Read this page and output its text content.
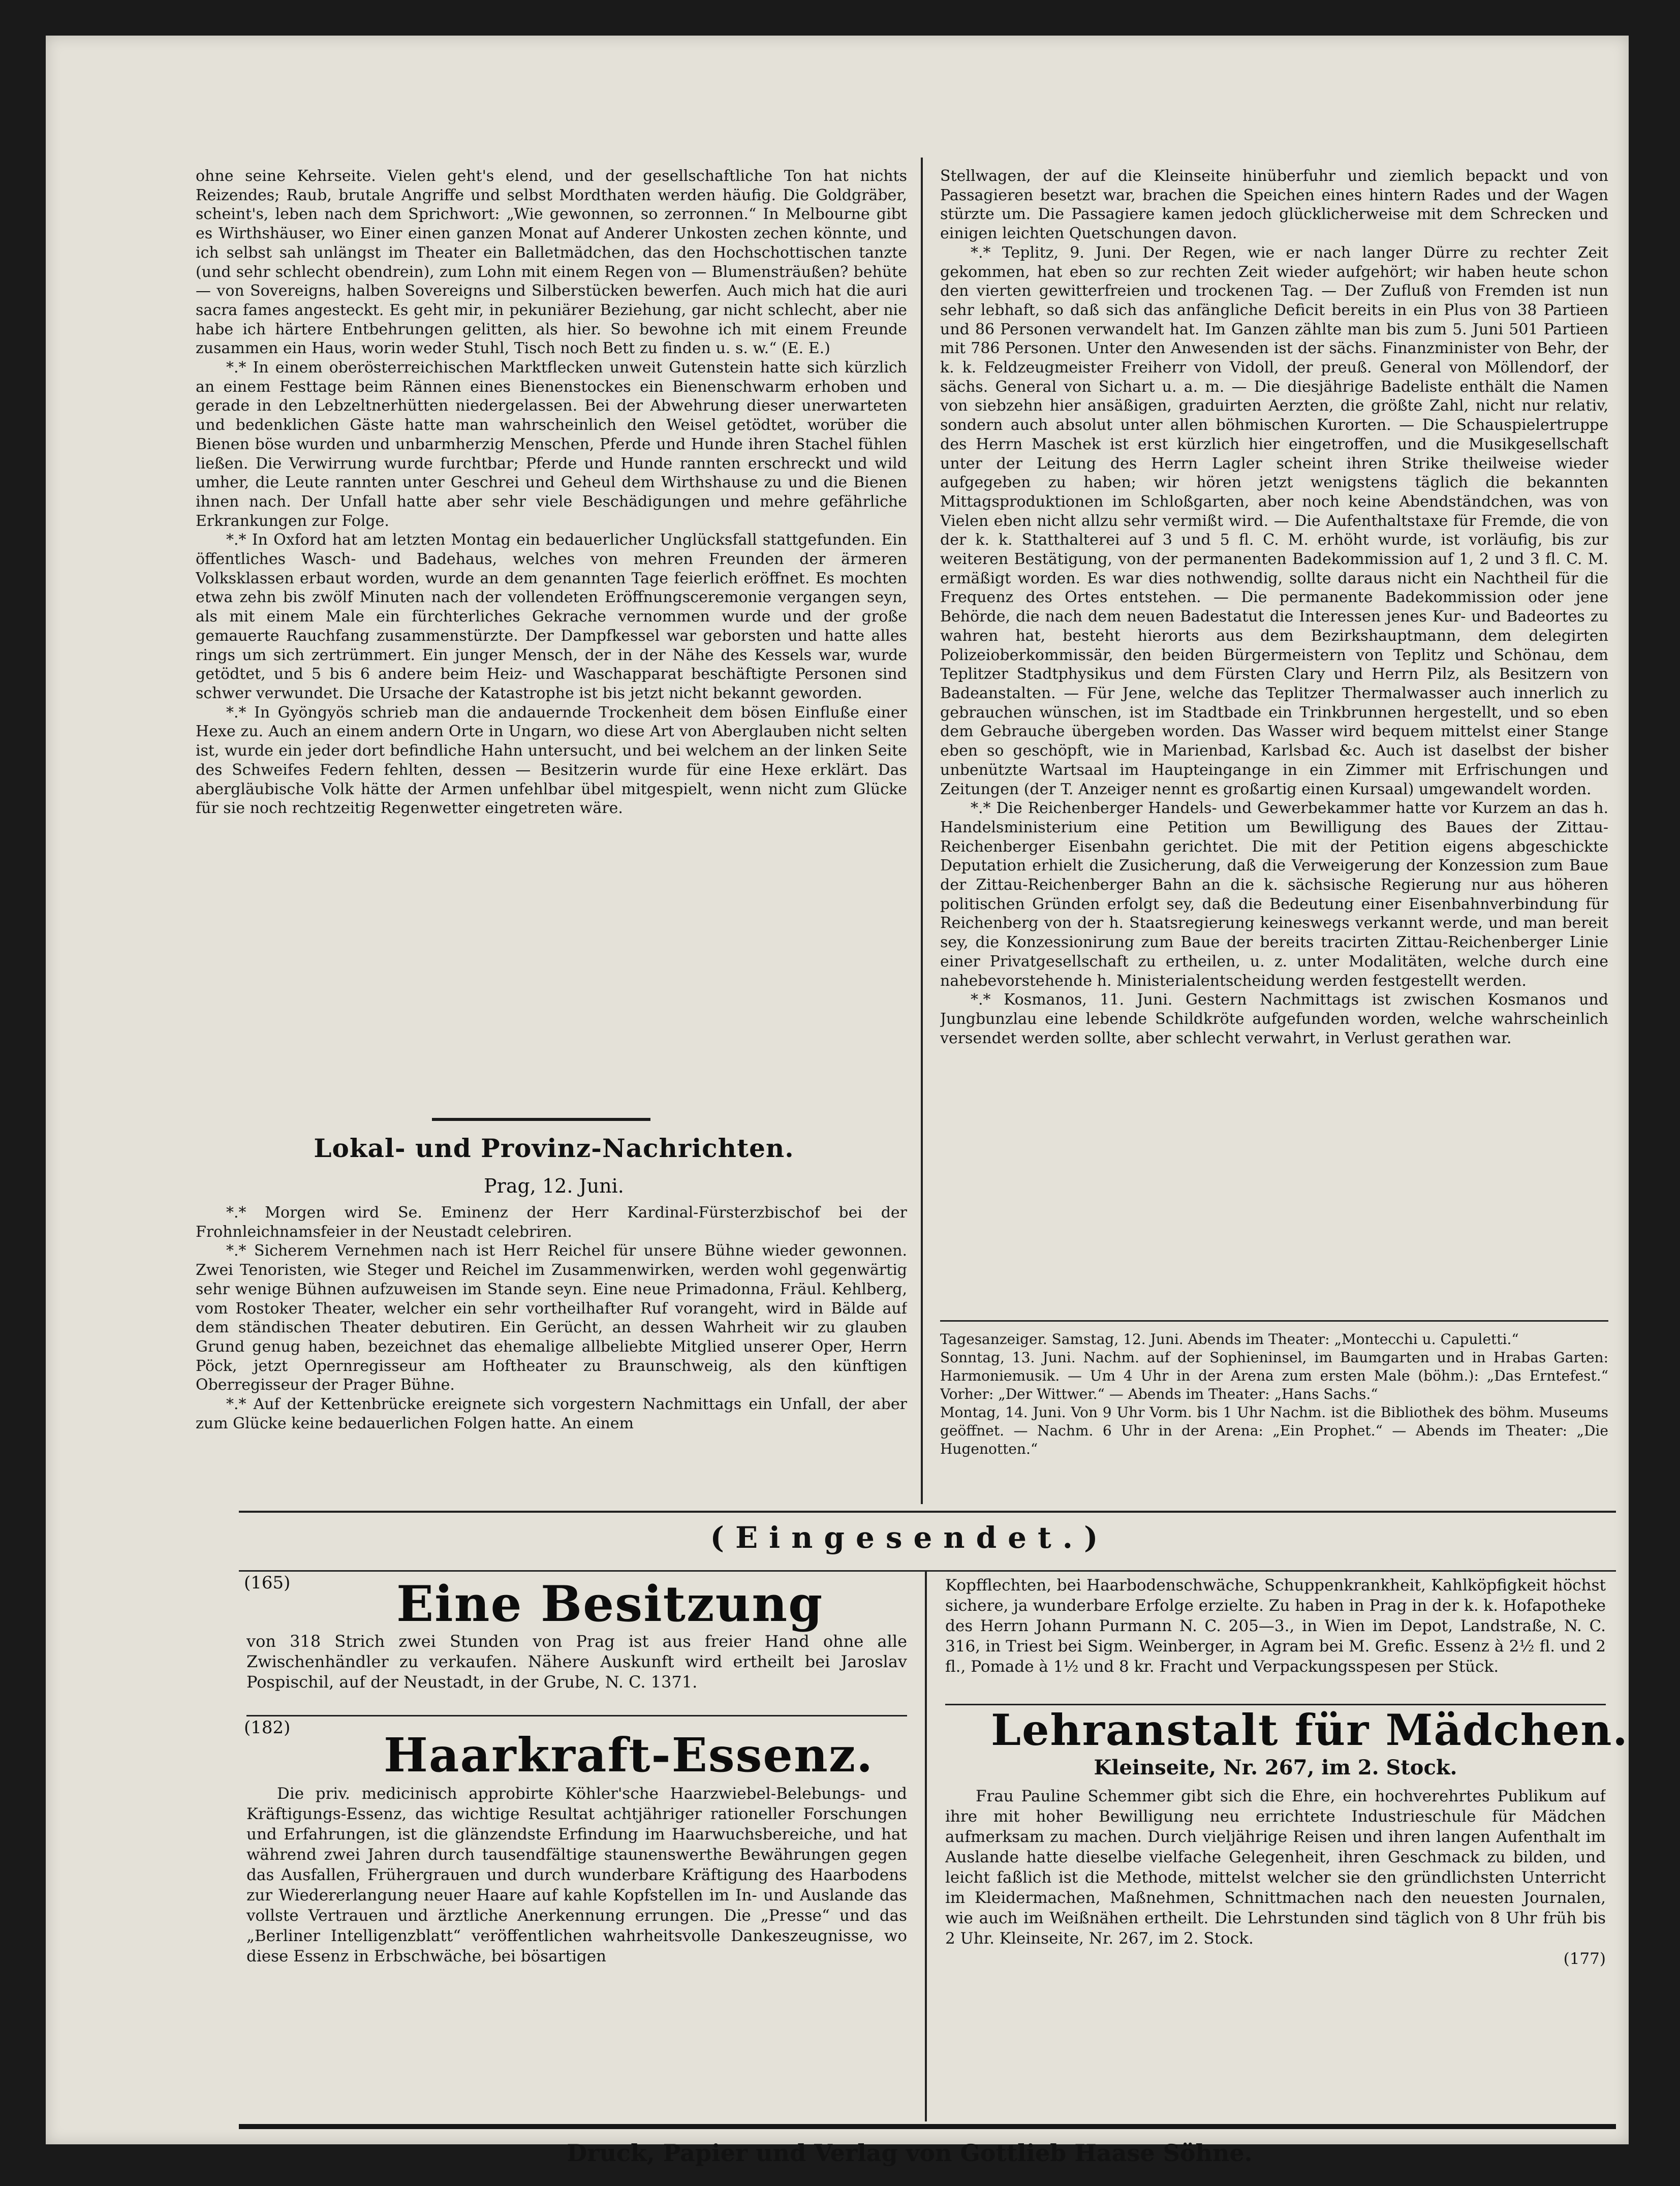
ohne seine Kehrseite. Vielen geht's elend, und der gesellschaftliche Ton hat nichts Reizendes; Raub, brutale Angriffe und selbst Mordthaten werden häufig. Die Goldgräber, scheint's, leben nach dem Sprichwort: „Wie gewonnen, so zerronnen.“ In Melbourne gibt es Wirthshäuser, wo Einer einen ganzen Monat auf Anderer Unkosten zechen könnte, und ich selbst sah unlängst im Theater ein Balletmädchen, das den Hochschottischen tanzte (und sehr schlecht obendrein), zum Lohn mit einem Regen von — Blumensträußen? behüte — von Sovereigns, halben Sovereigns und Silberstücken bewerfen. Auch mich hat die auri sacra fames angesteckt. Es geht mir, in pekuniärer Beziehung, gar nicht schlecht, aber nie habe ich härtere Entbehrungen gelitten, als hier. So bewohne ich mit einem Freunde zusammen ein Haus, worin weder Stuhl, Tisch noch Bett zu finden u. s. w.“ (E. E.)

*.* In einem oberösterreichischen Marktflecken unweit Gutenstein hatte sich kürzlich an einem Festtage beim Rännen eines Bienenstockes ein Bienenschwarm erhoben und gerade in den Lebzeltnerhütten niedergelassen. Bei der Abwehrung dieser unerwarteten und bedenklichen Gäste hatte man wahrscheinlich den Weisel getödtet, worüber die Bienen böse wurden und unbarmherzig Menschen, Pferde und Hunde ihren Stachel fühlen ließen. Die Verwirrung wurde furchtbar; Pferde und Hunde rannten erschreckt und wild umher, die Leute rannten unter Geschrei und Geheul dem Wirthshause zu und die Bienen ihnen nach. Der Unfall hatte aber sehr viele Beschädigungen und mehre gefährliche Erkrankungen zur Folge.

*.* In Oxford hat am letzten Montag ein bedauerlicher Unglücksfall stattgefunden. Ein öffentliches Wasch- und Badehaus, welches von mehren Freunden der ärmeren Volksklassen erbaut worden, wurde an dem genannten Tage feierlich eröffnet. Es mochten etwa zehn bis zwölf Minuten nach der vollendeten Eröffnungsceremonie vergangen seyn, als mit einem Male ein fürchterliches Gekrache vernommen wurde und der große gemauerte Rauchfang zusammenstürzte. Der Dampfkessel war geborsten und hatte alles rings um sich zertrümmert. Ein junger Mensch, der in der Nähe des Kessels war, wurde getödtet, und 5 bis 6 andere beim Heiz- und Waschapparat beschäftigte Personen sind schwer verwundet. Die Ursache der Katastrophe ist bis jetzt nicht bekannt geworden.

*.* In Gyöngyös schrieb man die andauernde Trockenheit dem bösen Einfluße einer Hexe zu. Auch an einem andern Orte in Ungarn, wo diese Art von Aberglauben nicht selten ist, wurde ein jeder dort befindliche Hahn untersucht, und bei welchem an der linken Seite des Schweifes Federn fehlten, dessen — Besitzerin wurde für eine Hexe erklärt. Das abergläubische Volk hätte der Armen unfehlbar übel mitgespielt, wenn nicht zum Glücke für sie noch rechtzeitig Regenwetter eingetreten wäre.

Lokal- und Provinz-Nachrichten.
Prag, 12. Juni.

*.* Morgen wird Se. Eminenz der Herr Kardinal-Fürsterzbischof bei der Frohnleichnamsfeier in der Neustadt celebriren.

*.* Sicherem Vernehmen nach ist Herr Reichel für unsere Bühne wieder gewonnen. Zwei Tenoristen, wie Steger und Reichel im Zusammenwirken, werden wohl gegenwärtig sehr wenige Bühnen aufzuweisen im Stande seyn. Eine neue Primadonna, Fräul. Kehlberg, vom Rostoker Theater, welcher ein sehr vortheilhafter Ruf vorangeht, wird in Bälde auf dem ständischen Theater debutiren. Ein Gerücht, an dessen Wahrheit wir zu glauben Grund genug haben, bezeichnet das ehemalige allbeliebte Mitglied unserer Oper, Herrn Pöck, jetzt Opernregisseur am Hoftheater zu Braunschweig, als den künftigen Oberregisseur der Prager Bühne.

*.* Auf der Kettenbrücke ereignete sich vorgestern Nachmittags ein Unfall, der aber zum Glücke keine bedauerlichen Folgen hatte. An einem

Stellwagen, der auf die Kleinseite hinüberfuhr und ziemlich bepackt und von Passagieren besetzt war, brachen die Speichen eines hintern Rades und der Wagen stürzte um. Die Passagiere kamen jedoch glücklicherweise mit dem Schrecken und einigen leichten Quetschungen davon.

*.* Teplitz, 9. Juni. Der Regen, wie er nach langer Dürre zu rechter Zeit gekommen, hat eben so zur rechten Zeit wieder aufgehört; wir haben heute schon den vierten gewitterfreien und trockenen Tag. — Der Zufluß von Fremden ist nun sehr lebhaft, so daß sich das anfängliche Deficit bereits in ein Plus von 38 Partieen und 86 Personen verwandelt hat. Im Ganzen zählte man bis zum 5. Juni 501 Partieen mit 786 Personen. Unter den Anwesenden ist der sächs. Finanzminister von Behr, der k. k. Feldzeugmeister Freiherr von Vidoll, der preuß. General von Möllendorf, der sächs. General von Sichart u. a. m. — Die diesjährige Badeliste enthält die Namen von siebzehn hier ansäßigen, graduirten Aerzten, die größte Zahl, nicht nur relativ, sondern auch absolut unter allen böhmischen Kurorten. — Die Schauspielertruppe des Herrn Maschek ist erst kürzlich hier eingetroffen, und die Musikgesellschaft unter der Leitung des Herrn Lagler scheint ihren Strike theilweise wieder aufgegeben zu haben; wir hören jetzt wenigstens täglich die bekannten Mittagsproduktionen im Schloßgarten, aber noch keine Abendständchen, was von Vielen eben nicht allzu sehr vermißt wird. — Die Aufenthaltstaxe für Fremde, die von der k. k. Statthalterei auf 3 und 5 fl. C. M. erhöht wurde, ist vorläufig, bis zur weiteren Bestätigung, von der permanenten Badekommission auf 1, 2 und 3 fl. C. M. ermäßigt worden. Es war dies nothwendig, sollte daraus nicht ein Nachtheil für die Frequenz des Ortes entstehen. — Die permanente Badekommission oder jene Behörde, die nach dem neuen Badestatut die Interessen jenes Kur- und Badeortes zu wahren hat, besteht hierorts aus dem Bezirkshauptmann, dem delegirten Polizeioberkommissär, den beiden Bürgermeistern von Teplitz und Schönau, dem Teplitzer Stadtphysikus und dem Fürsten Clary und Herrn Pilz, als Besitzern von Badeanstalten. — Für Jene, welche das Teplitzer Thermalwasser auch innerlich zu gebrauchen wünschen, ist im Stadtbade ein Trinkbrunnen hergestellt, und so eben dem Gebrauche übergeben worden. Das Wasser wird bequem mittelst einer Stange eben so geschöpft, wie in Marienbad, Karlsbad &c. Auch ist daselbst der bisher unbenützte Wartsaal im Haupteingange in ein Zimmer mit Erfrischungen und Zeitungen (der T. Anzeiger nennt es großartig einen Kursaal) umgewandelt worden.

*.* Die Reichenberger Handels- und Gewerbekammer hatte vor Kurzem an das h. Handelsministerium eine Petition um Bewilligung des Baues der Zittau-Reichenberger Eisenbahn gerichtet. Die mit der Petition eigens abgeschickte Deputation erhielt die Zusicherung, daß die Verweigerung der Konzession zum Baue der Zittau-Reichenberger Bahn an die k. sächsische Regierung nur aus höheren politischen Gründen erfolgt sey, daß die Bedeutung einer Eisenbahnverbindung für Reichenberg von der h. Staatsregierung keineswegs verkannt werde, und man bereit sey, die Konzessionirung zum Baue der bereits tracirten Zittau-Reichenberger Linie einer Privatgesellschaft zu ertheilen, u. z. unter Modalitäten, welche durch eine nahebevorstehende h. Ministerialentscheidung werden festgestellt werden.

*.* Kosmanos, 11. Juni. Gestern Nachmittags ist zwischen Kosmanos und Jungbunzlau eine lebende Schildkröte aufgefunden worden, welche wahrscheinlich versendet werden sollte, aber schlecht verwahrt, in Verlust gerathen war.

Tagesanzeiger. Samstag, 12. Juni. Abends im Theater: „Montecchi u. Capuletti.“

Sonntag, 13. Juni. Nachm. auf der Sophieninsel, im Baumgarten und in Hrabas Garten: Harmoniemusik. — Um 4 Uhr in der Arena zum ersten Male (böhm.): „Das Erntefest.“ Vorher: „Der Wittwer.“ — Abends im Theater: „Hans Sachs.“

Montag, 14. Juni. Von 9 Uhr Vorm. bis 1 Uhr Nachm. ist die Bibliothek des böhm. Museums geöffnet. — Nachm. 6 Uhr in der Arena: „Ein Prophet.“ — Abends im Theater: „Die Hugenotten.“

(Eingesendet.)
(165) Eine Besitzung

von 318 Strich zwei Stunden von Prag ist aus freier Hand ohne alle Zwischenhändler zu verkaufen. Nähere Auskunft wird ertheilt bei Jaroslav Pospischil, auf der Neustadt, in der Grube, N. C. 1371.

(182) Haarkraft-Essenz.

Die priv. medicinisch approbirte Köhler'sche Haarzwiebel-Belebungs- und Kräftigungs-Essenz, das wichtige Resultat achtjähriger rationeller Forschungen und Erfahrungen, ist die glänzendste Erfindung im Haarwuchsbereiche, und hat während zwei Jahren durch tausendfältige staunenswerthe Bewährungen gegen das Ausfallen, Frühergrauen und durch wunderbare Kräftigung des Haarbodens zur Wiedererlangung neuer Haare auf kahle Kopfstellen im In- und Auslande das vollste Vertrauen und ärztliche Anerkennung errungen. Die „Presse“ und das „Berliner Intelligenzblatt“ veröffentlichen wahrheitsvolle Dankeszeugnisse, wo diese Essenz in Erbschwäche, bei bösartigen

Kopfflechten, bei Haarbodenschwäche, Schuppenkrankheit, Kahlköpfigkeit höchst sichere, ja wunderbare Erfolge erzielte. Zu haben in Prag in der k. k. Hofapotheke des Herrn Johann Purmann N. C. 205—3., in Wien im Depot, Landstraße, N. C. 316, in Triest bei Sigm. Weinberger, in Agram bei M. Grefic. Essenz à 2½ fl. und 2 fl., Pomade à 1½ und 8 kr. Fracht und Verpackungsspesen per Stück.

Lehranstalt für Mädchen.
Kleinseite, Nr. 267, im 2. Stock.

Frau Pauline Schemmer gibt sich die Ehre, ein hochverehrtes Publikum auf ihre mit hoher Bewilligung neu errichtete Industrieschule für Mädchen aufmerksam zu machen. Durch vieljährige Reisen und ihren langen Aufenthalt im Auslande hatte dieselbe vielfache Gelegenheit, ihren Geschmack zu bilden, und leicht faßlich ist die Methode, mittelst welcher sie den gründlichsten Unterricht im Kleidermachen, Maßnehmen, Schnittmachen nach den neuesten Journalen, wie auch im Weißnähen ertheilt. Die Lehrstunden sind täglich von 8 Uhr früh bis 2 Uhr. Kleinseite, Nr. 267, im 2. Stock.

(177)
Druck, Papier und Verlag von Gottlieb Haase Söhne.
